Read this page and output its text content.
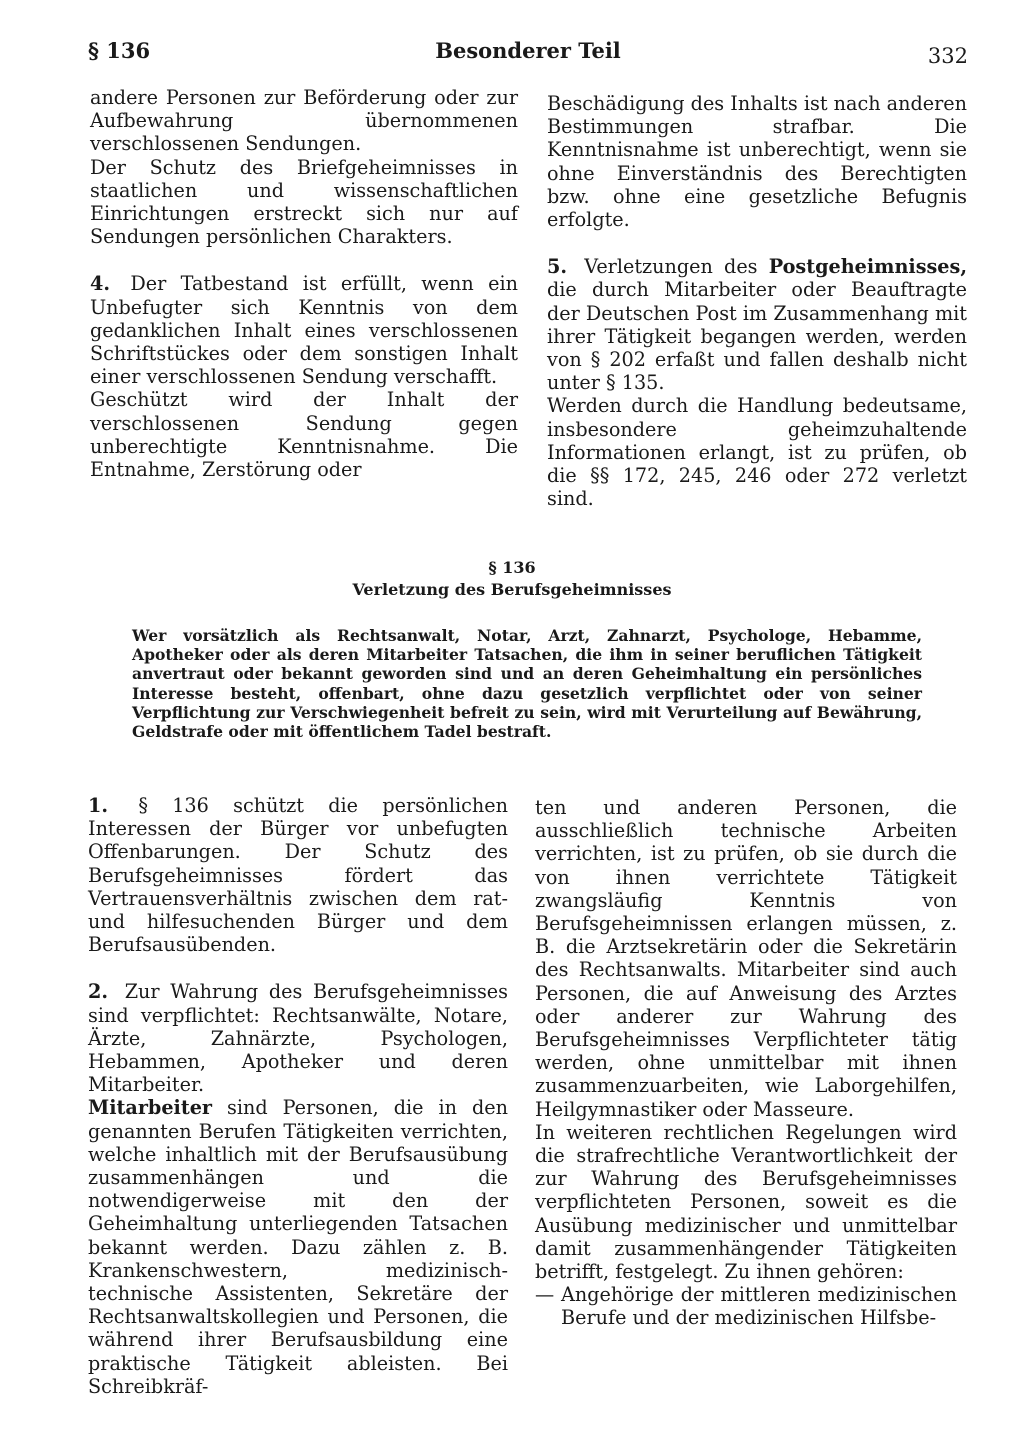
§ 136	Besonderer Teil	332

andere Personen zur Beförderung oder zur Aufbewahrung übernommenen verschlossenen Sendungen.

Der Schutz des Briefgeheimnisses in staatlichen und wissenschaftlichen Einrichtungen erstreckt sich nur auf Sendungen persönlichen Charakters.

4. Der Tatbestand ist erfüllt, wenn ein Unbefugter sich Kenntnis von dem gedanklichen Inhalt eines verschlossenen Schriftstückes oder dem sonstigen Inhalt einer verschlossenen Sendung verschafft.

Geschützt wird der Inhalt der verschlossenen Sendung gegen unberechtigte Kenntnisnahme. Die Entnahme, Zerstörung oder

Beschädigung des Inhalts ist nach anderen Bestimmungen strafbar. Die Kenntnisnahme ist unberechtigt, wenn sie ohne Einverständnis des Berechtigten bzw. ohne eine gesetzliche Befugnis erfolgte.

5. Verletzungen des Postgeheimnisses, die durch Mitarbeiter oder Beauftragte der Deutschen Post im Zusammenhang mit ihrer Tätigkeit begangen werden, werden von § 202 erfaßt und fallen deshalb nicht unter § 135.

Werden durch die Handlung bedeutsame, insbesondere geheimzuhaltende Informationen erlangt, ist zu prüfen, ob die §§ 172, 245, 246 oder 272 verletzt sind.

§ 136
Verletzung des Berufsgeheimnisses
Wer vorsätzlich als Rechtsanwalt, Notar, Arzt, Zahnarzt, Psychologe, Hebamme, Apotheker oder als deren Mitarbeiter Tatsachen, die ihm in seiner beruflichen Tätigkeit anvertraut oder bekannt geworden sind und an deren Geheimhaltung ein persönliches Interesse besteht, offenbart, ohne dazu gesetzlich verpflichtet oder von seiner Verpflichtung zur Verschwiegenheit befreit zu sein, wird mit Verurteilung auf Bewährung, Geldstrafe oder mit öffentlichem Tadel bestraft.

1. § 136 schützt die persönlichen Interessen der Bürger vor unbefugten Offenbarungen. Der Schutz des Berufsgeheimnisses fördert das Vertrauensverhältnis zwischen dem rat- und hilfesuchenden Bürger und dem Berufsausübenden.

2. Zur Wahrung des Berufsgeheimnisses sind verpflichtet: Rechtsanwälte, Notare, Ärzte, Zahnärzte, Psychologen, Hebammen, Apotheker und deren Mitarbeiter.

Mitarbeiter sind Personen, die in den genannten Berufen Tätigkeiten verrichten, welche inhaltlich mit der Berufsausübung zusammenhängen und die notwendigerweise mit den der Geheimhaltung unterliegenden Tatsachen bekannt werden. Dazu zählen z. B. Krankenschwestern, medizinisch-technische Assistenten, Sekretäre der Rechtsanwaltskollegien und Personen, die während ihrer Berufsausbildung eine praktische Tätigkeit ableisten. Bei Schreibkräf-

ten und anderen Personen, die ausschließlich technische Arbeiten verrichten, ist zu prüfen, ob sie durch die von ihnen verrichtete Tätigkeit zwangsläufig Kenntnis von Berufsgeheimnissen erlangen müssen, z. B. die Arztsekretärin oder die Sekretärin des Rechtsanwalts. Mitarbeiter sind auch Personen, die auf Anweisung des Arztes oder anderer zur Wahrung des Berufsgeheimnisses Verpflichteter tätig werden, ohne unmittelbar mit ihnen zusammenzuarbeiten, wie Laborgehilfen, Heilgymnastiker oder Masseure.

In weiteren rechtlichen Regelungen wird die strafrechtliche Verantwortlichkeit der zur Wahrung des Berufsgeheimnisses verpflichteten Personen, soweit es die Ausübung medizinischer und unmittelbar damit zusammenhängender Tätigkeiten betrifft, festgelegt. Zu ihnen gehören:

— Angehörige der mittleren medizinischen Berufe und der medizinischen Hilfsbe-
